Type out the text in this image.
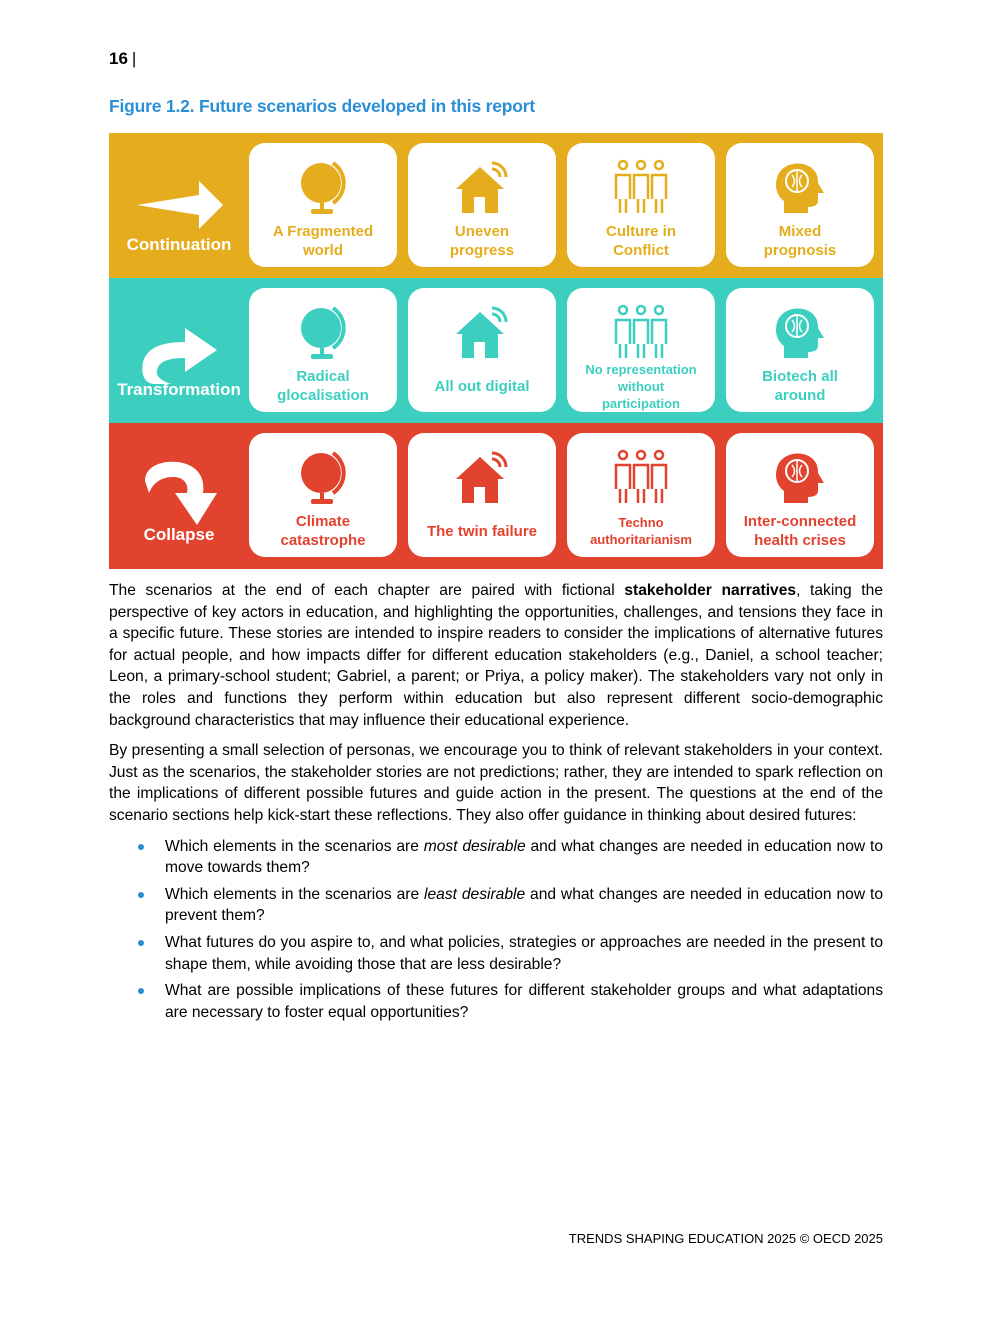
16 |
Figure 1.2. Future scenarios developed in this report
Continuation
A Fragmented
world
Uneven
progress
Culture in
Conflict
Mixed
prognosis
Transformation
Radical
glocalisation
All out digital
No representation
without
participation
Biotech all
around
Collapse
Climate
catastrophe
The twin failure	Techno
authoritarianism
Inter-connected
health crises

The scenarios at the end of each chapter are paired with fictional stakeholder narratives, taking the perspective of key actors in education, and highlighting the opportunities, challenges, and tensions they face in a specific future. These stories are intended to inspire readers to consider the implications of alternative futures for actual people, and how impacts differ for different education stakeholders (e.g., Daniel, a school teacher; Leon, a primary-school student; Gabriel, a parent; or Priya, a policy maker). The stakeholders vary not only in the roles and functions they perform within education but also represent different socio-demographic background characteristics that may influence their educational experience.

By presenting a small selection of personas, we encourage you to think of relevant stakeholders in your context. Just as the scenarios, the stakeholder stories are not predictions; rather, they are intended to spark reflection on the implications of different possible futures and guide action in the present. The questions at the end of the scenario sections help kick-start these reflections. They also offer guidance in thinking about desired futures:

Which elements in the scenarios are most desirable and what changes are needed in education now to move towards them?
Which elements in the scenarios are least desirable and what changes are needed in education now to prevent them?
What futures do you aspire to, and what policies, strategies or approaches are needed in the present to shape them, while avoiding those that are less desirable?
What are possible implications of these futures for different stakeholder groups and what adaptations are necessary to foster equal opportunities?
TRENDS SHAPING EDUCATION 2025 © OECD 2025
